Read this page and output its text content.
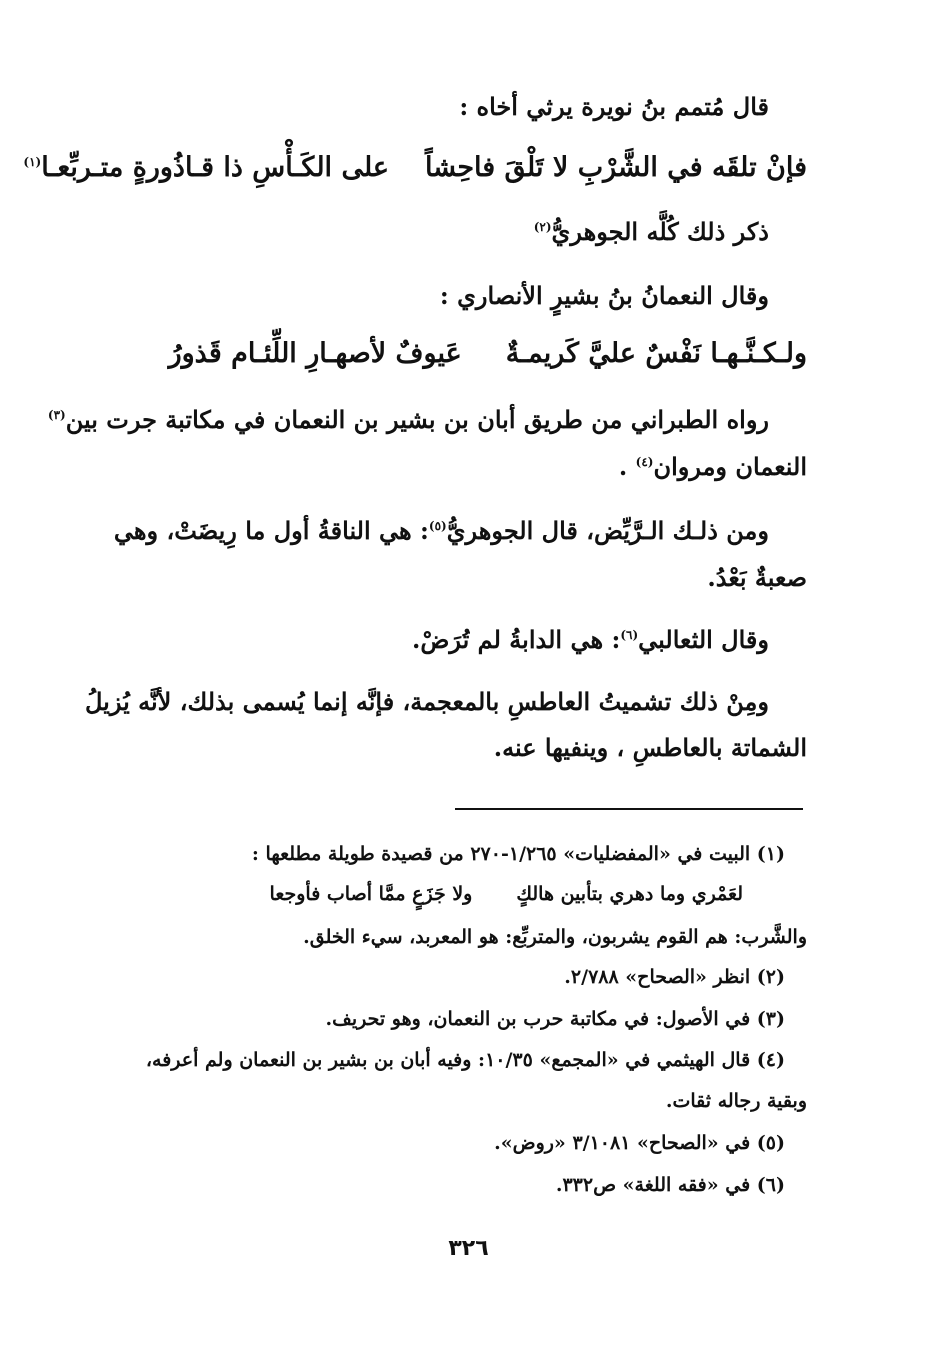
قال مُتمم بنُ نويرة يرثي أخاه :
فإنْ تلقَه في الشَّرْبِ لا تَلْقَ فاحِشاًعلى الكَـأْسِ ذا قـاذُورةٍ متـربِّعـا$^{(١)}$
ذكر ذلك كُلَّه الجوهريُّ$^{(٢)}$
وقال النعمانُ بنُ بشيرٍ الأنصاري :
ولـكـنَّـهـا نَفْسٌ عليَّ كَريمـةٌعَيوفٌ لأصهـارِ اللِّئـام قَذورُ
رواه الطبراني من طريق أبان بن بشير بن النعمان في مكاتبة جرت بين$^{(٣)}$
النعمان ومروان$^{(٤)}$ .
ومن ذلـك الـرَّيِّض، قال الجوهريُّ$^{(٥)}$: هي الناقةُ أول ما رِيضَتْ، وهي
صعبةٌ بَعْدُ.
وقال الثعالبي$^{(٦)}$: هي الدابةُ لم تُرَضْ.
ومِنْ ذلك تشميتُ العاطسِ بالمعجمة، فإنَّه إنما يُسمى بذلك، لأنَّه يُزيلُ
الشماتة بالعاطسِ ، وينفيها عنه.
(١) البيت في «المفضليات» ١/٢٦٥-٢٧٠ من قصيدة طويلة مطلعها :
لعَمْري وما دهري بتأبين هالكٍولا جَزَعٍ ممَّا أصاب فأوجعا
والشَّرب: هم القوم يشربون، والمتربِّع: هو المعربد، سيء الخلق.
(٢) انظر «الصحاح» ٢/٧٨٨.
(٣) في الأصول: في مكاتبة حرب بن النعمان، وهو تحريف.
(٤) قال الهيثمي في «المجمع» ١٠/٣٥: وفيه أبان بن بشير بن النعمان ولم أعرفه،
وبقية رجاله ثقات.
(٥) في «الصحاح» ٣/١٠٨١ «روض».
(٦) في «فقه اللغة» ص٣٣٢.
٣٢٦
